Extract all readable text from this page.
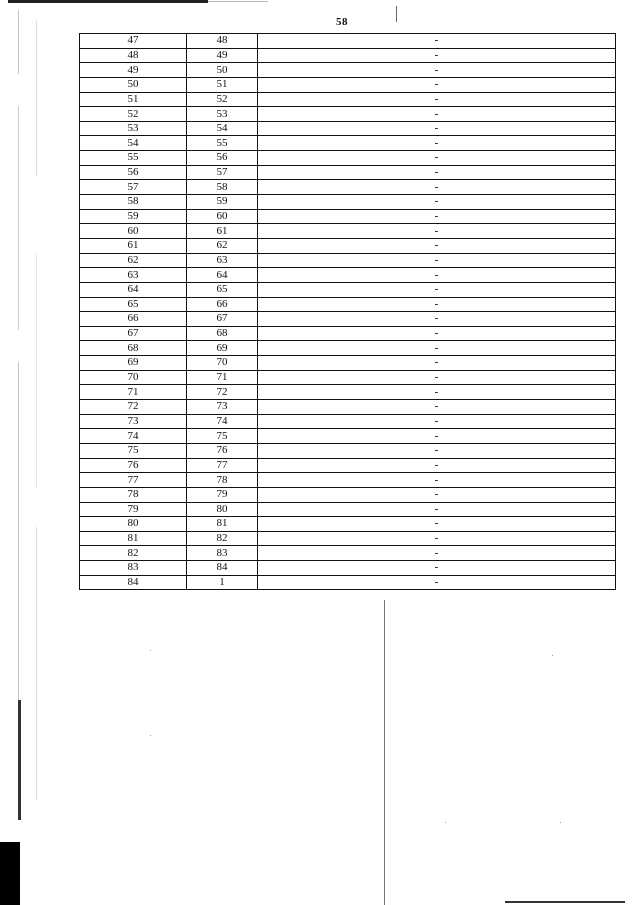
58
47	48	-
48	49	-
49	50	-
50	51	-
51	52	-
52	53	-
53	54	-
54	55	-
55	56	-
56	57	-
57	58	-
58	59	-
59	60	-
60	61	-
61	62	-
62	63	-
63	64	-
64	65	-
65	66	-
66	67	-
67	68	-
68	69	-
69	70	-
70	71	-
71	72	-
72	73	-
73	74	-
74	75	-
75	76	-
76	77	-
77	78	-
78	79	-
79	80	-
80	81	-
81	82	-
82	83	-
83	84	-
84	1	-
